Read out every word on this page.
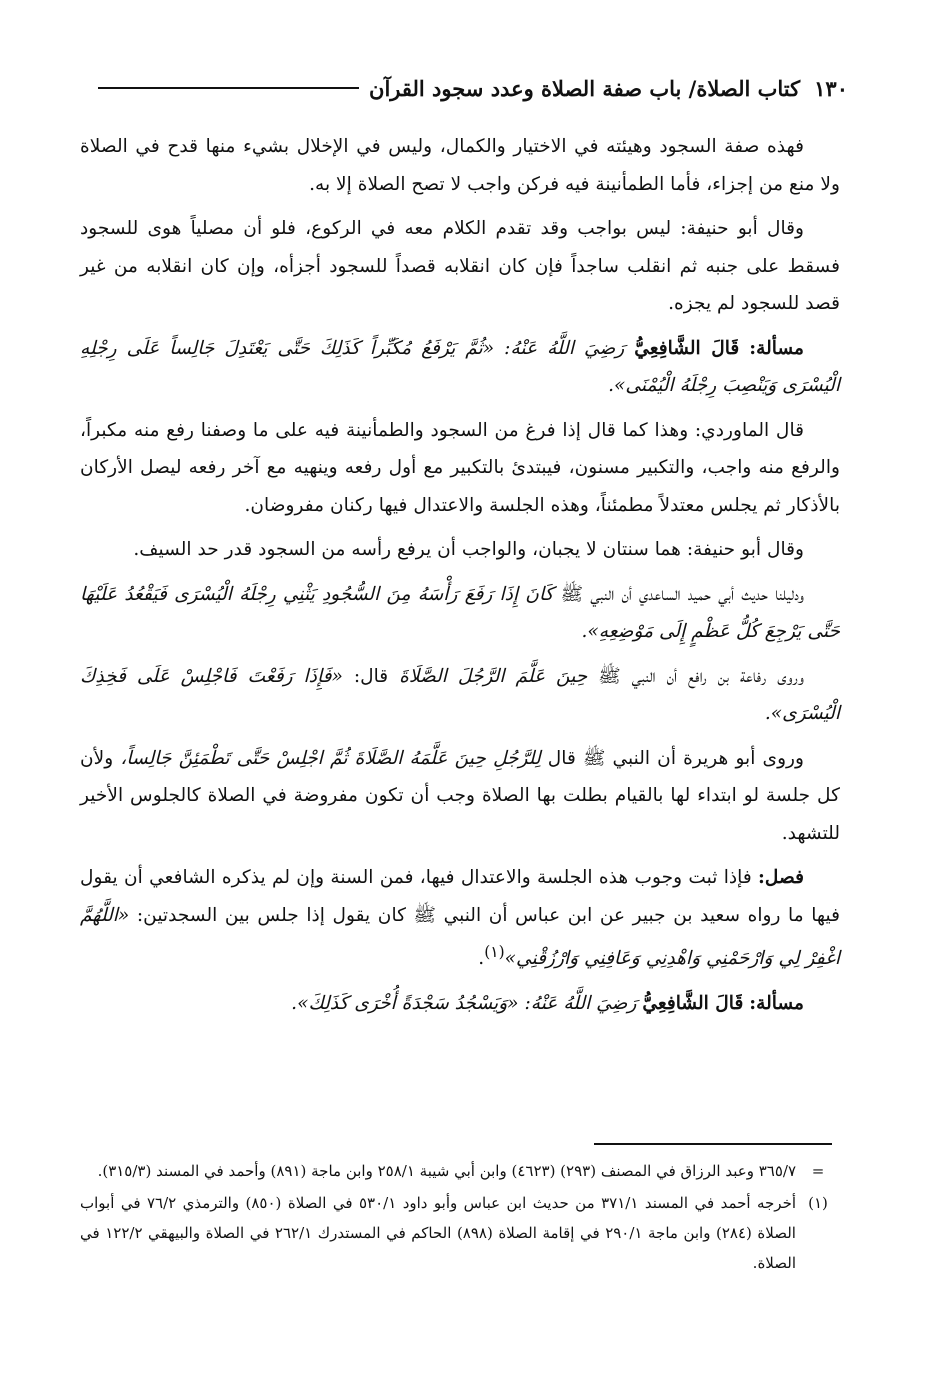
١٣٠
كتاب الصلاة/ باب صفة الصلاة وعدد سجود القرآن

فهذه صفة السجود وهيئته في الاختيار والكمال، وليس في الإخلال بشيء منها قدح في الصلاة ولا منع من إجزاء، فأما الطمأنينة فيه فركن واجب لا تصح الصلاة إلا به.

وقال أبو حنيفة: ليس بواجب وقد تقدم الكلام معه في الركوع، فلو أن مصلياً هوى للسجود فسقط على جنبه ثم انقلب ساجداً فإن كان انقلابه قصداً للسجود أجزأه، وإن كان انقلابه من غير قصد للسجود لم يجزه.

مسألة: قَالَ الشَّافِعِيُّ رَضِيَ اللَّهُ عَنْهُ: «ثُمَّ يَرْفَعُ مُكَبِّراً كَذَلِكَ حَتَّى يَعْتَدِلَ جَالِساً عَلَى رِجْلِهِ الْيُسْرَى وَيَنْصِبَ رِجْلَهُ الْيُمْنَى».

قال الماوردي: وهذا كما قال إذا فرغ من السجود والطمأنينة فيه على ما وصفنا رفع منه مكبراً، والرفع منه واجب، والتكبير مسنون، فيبتدئ بالتكبير مع أول رفعه وينهيه مع آخر رفعه ليصل الأركان بالأذكار ثم يجلس معتدلاً مطمئناً، وهذه الجلسة والاعتدال فيها ركنان مفروضان.

وقال أبو حنيفة: هما سنتان لا يجبان، والواجب أن يرفع رأسه من السجود قدر حد السيف.

ودليلنا حديث أبي حميد الساعدي أن النبي ﷺ كَانَ إِذَا رَفَعَ رَأْسَهُ مِنَ السُّجُودِ يَثْنِي رِجْلَهُ الْيُسْرَى فَيَقْعُدُ عَلَيْهَا حَتَّى يَرْجِعَ كُلُّ عَظْمٍ إِلَى مَوْضِعِهِ».

وروى رفاعة بن رافع أن النبي ﷺ حِينَ عَلَّمَ الرَّجُلَ الصَّلَاةَ قال: «فَإِذَا رَفَعْتَ فَاجْلِسْ عَلَى فَخِذِكَ الْيُسْرَى».

وروى أبو هريرة أن النبي ﷺ قال لِلرَّجُلِ حِينَ عَلَّمَهُ الصَّلَاةَ ثُمَّ اجْلِسْ حَتَّى تَطْمَئِنَّ جَالِساً، ولأن كل جلسة لو ابتداء لها بالقيام بطلت بها الصلاة وجب أن تكون مفروضة في الصلاة كالجلوس الأخير للتشهد.

فصل: فإذا ثبت وجوب هذه الجلسة والاعتدال فيها، فمن السنة وإن لم يذكره الشافعي أن يقول فيها ما رواه سعيد بن جبير عن ابن عباس أن النبي ﷺ كان يقول إذا جلس بين السجدتين: «اللَّهُمَّ اغْفِرْ لِي وَارْحَمْنِي وَاهْدِنِي وَعَافِنِي وَارْزُقْنِي»$^{(١)}$.

مسألة: قَالَ الشَّافِعِيُّ رَضِيَ اللَّهُ عَنْهُ: «وَيَسْجُدُ سَجْدَةً أُخْرَى كَذَلِكَ».

=
٣٦٥/٧ وعبد الرزاق في المصنف (٢٩٣) (٤٦٢٣) وابن أبي شيبة ٢٥٨/١ وابن ماجة (٨٩١) وأحمد في المسند (٣١٥/٣).
(١)
أخرجه أحمد في المسند ٣٧١/١ من حديث ابن عباس وأبو داود ٥٣٠/١ في الصلاة (٨٥٠) والترمذي ٧٦/٢ في أبواب الصلاة (٢٨٤) وابن ماجة ٢٩٠/١ في إقامة الصلاة (٨٩٨) الحاكم في المستدرك ٢٦٢/١ في الصلاة والبيهقي ١٢٢/٢ في الصلاة.
